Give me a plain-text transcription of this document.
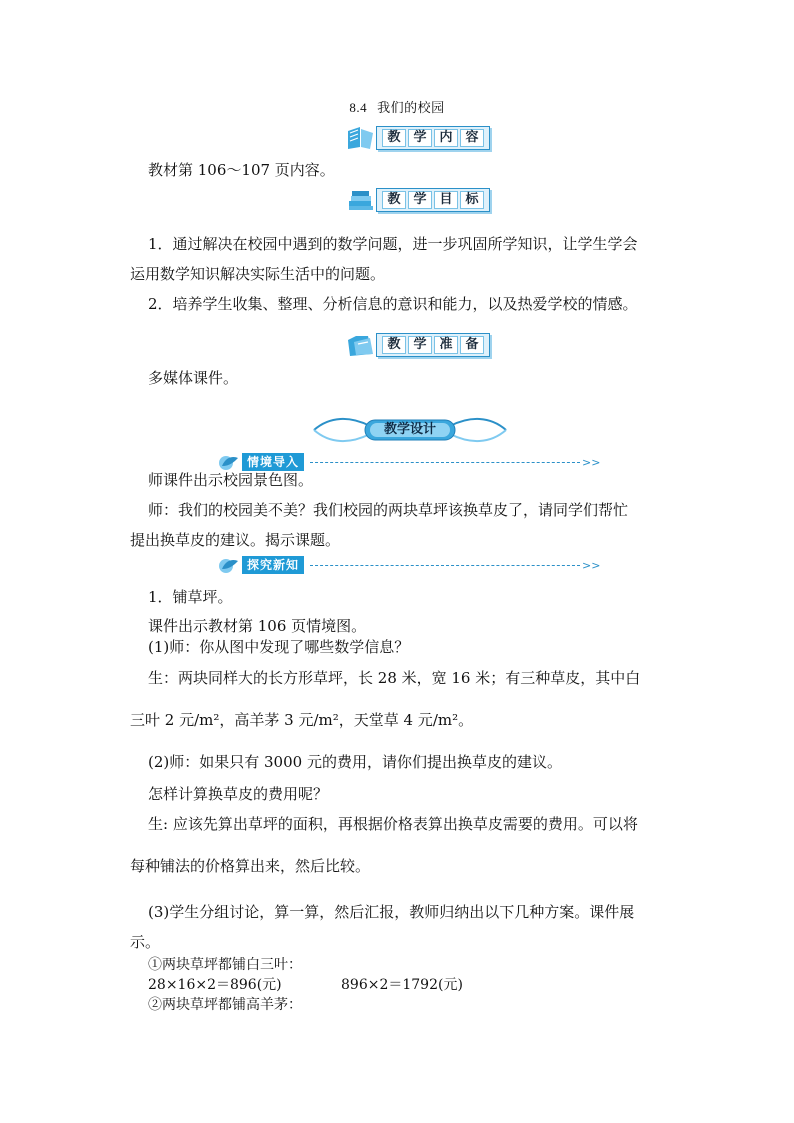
8.4 我们的校园
教 学 内 容
教材第 106～107 页内容。
教 学 目 标
1．通过解决在校园中遇到的数学问题，进一步巩固所学知识，让学生学会
运用数学知识解决实际生活中的问题。
2．培养学生收集、整理、分析信息的意识和能力，以及热爱学校的情感。
教 学 准 备
多媒体课件。
教学设计
情境导入	>>
师课件出示校园景色图。
师：我们的校园美不美？我们校园的两块草坪该换草皮了，请同学们帮忙
提出换草皮的建议。揭示课题。
探究新知	>>
1．铺草坪。
课件出示教材第 106 页情境图。
(1)师：你从图中发现了哪些数学信息？
生：两块同样大的长方形草坪，长 28 米，宽 16 米；有三种草皮，其中白
三叶 2 元/m²，高羊茅 3 元/m²，天堂草 4 元/m²。
(2)师：如果只有 3000 元的费用，请你们提出换草皮的建议。
怎样计算换草皮的费用呢？
生: 应该先算出草坪的面积，再根据价格表算出换草皮需要的费用。可以将
每种铺法的价格算出来，然后比较。
(3)学生分组讨论，算一算，然后汇报，教师归纳出以下几种方案。课件展
示。
①两块草坪都铺白三叶：
28×16×2＝896(元)	896×2＝1792(元)
②两块草坪都铺高羊茅：
